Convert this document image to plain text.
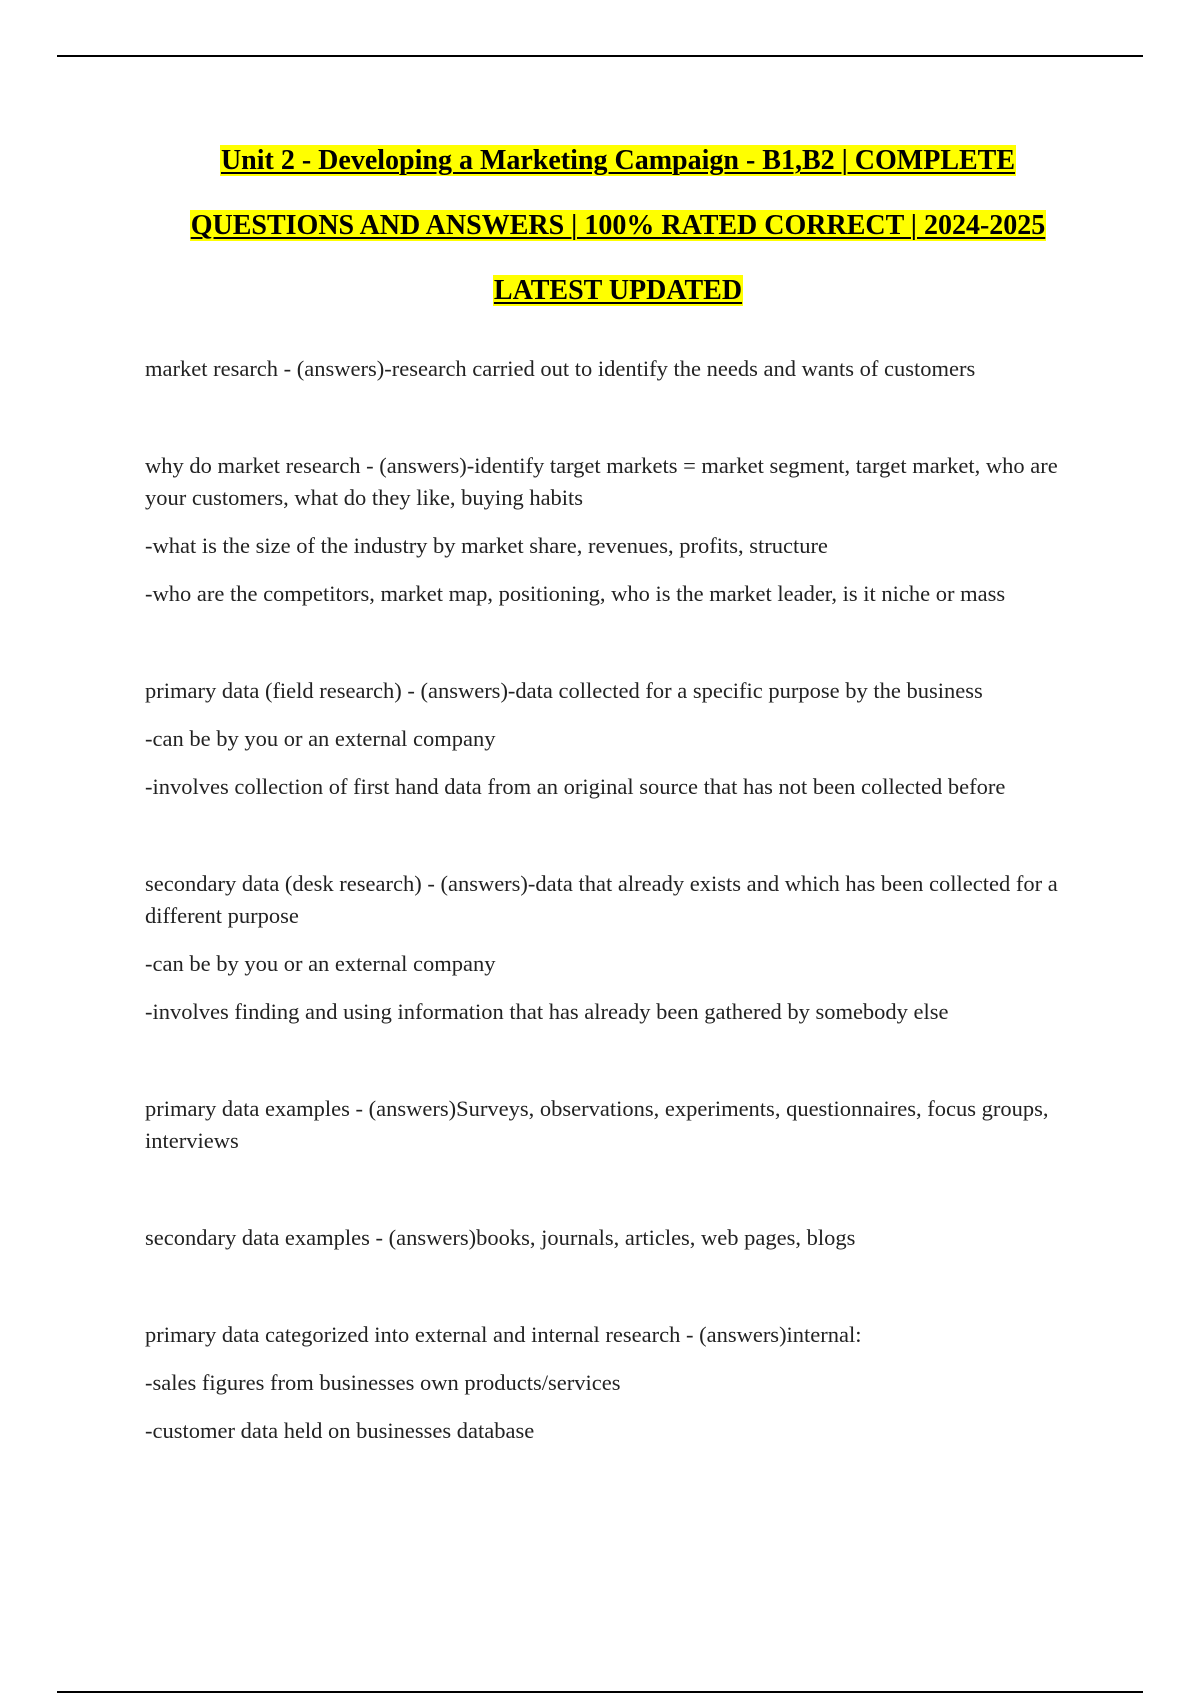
Unit 2 - Developing a Marketing Campaign - B1,B2 | COMPLETE
QUESTIONS AND ANSWERS | 100% RATED CORRECT | 2024-2025
LATEST UPDATED

market resarch - (answers)-research carried out to identify the needs and wants of customers

why do market research - (answers)-identify target markets = market segment, target market, who are your customers, what do they like, buying habits

-what is the size of the industry by market share, revenues, profits, structure

-who are the competitors, market map, positioning, who is the market leader, is it niche or mass

primary data (field research) - (answers)-data collected for a specific purpose by the business

-can be by you or an external company

-involves collection of first hand data from an original source that has not been collected before

secondary data (desk research) - (answers)-data that already exists and which has been collected for a different purpose

-can be by you or an external company

-involves finding and using information that has already been gathered by somebody else

primary data examples - (answers)Surveys, observations, experiments, questionnaires, focus groups, interviews

secondary data examples - (answers)books, journals, articles, web pages, blogs

primary data categorized into external and internal research - (answers)internal:

-sales figures from businesses own products/services

-customer data held on businesses database
